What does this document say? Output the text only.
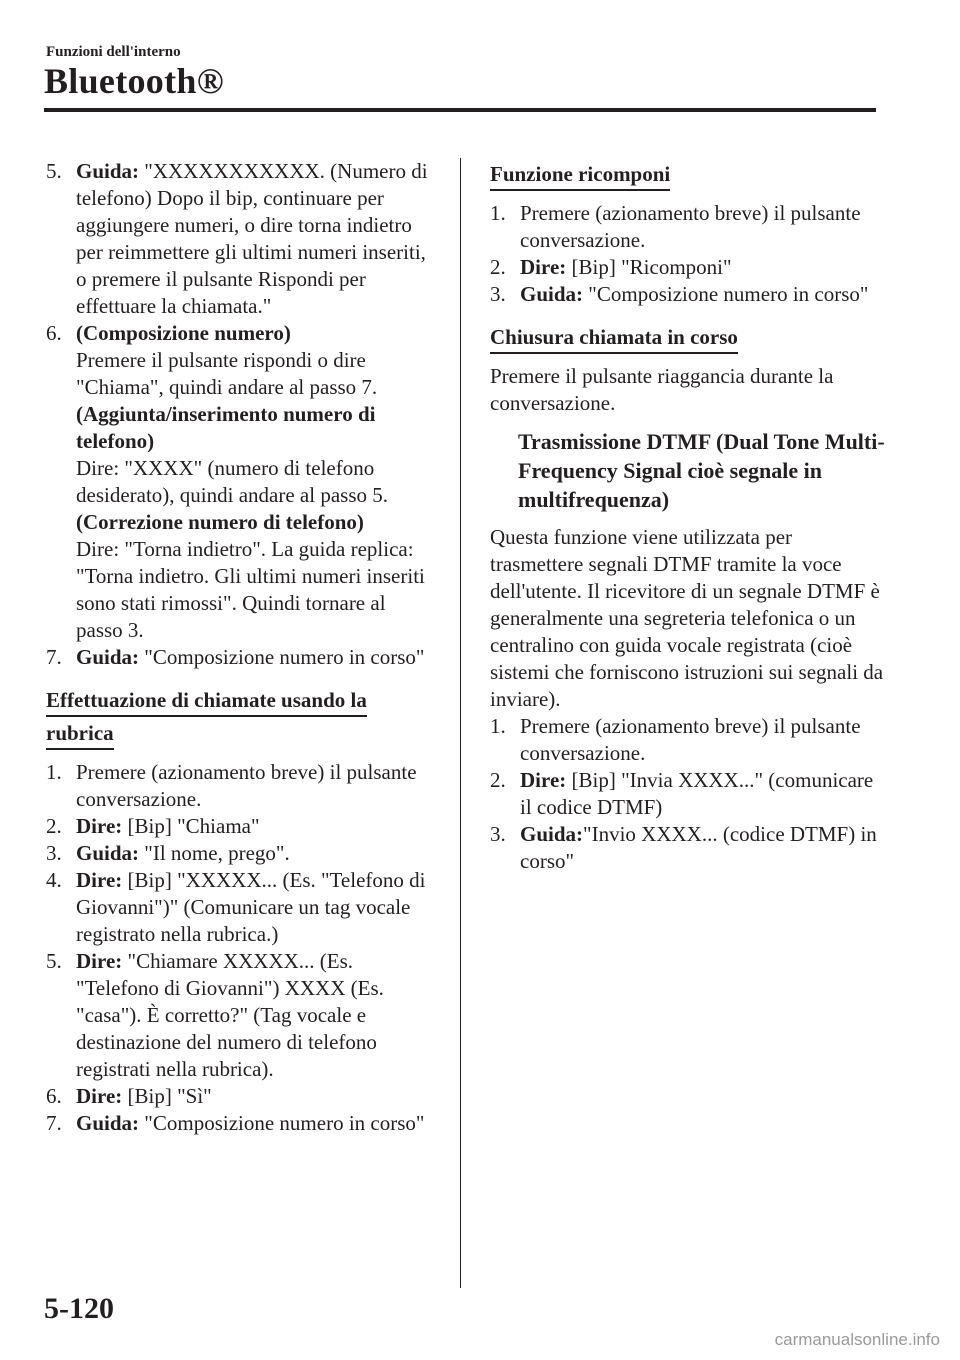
Funzioni dell'interno
Bluetooth®
5. Guida: "XXXXXXXXXXX. (Numero di telefono) Dopo il bip, continuare per aggiungere numeri, o dire torna indietro per reimmettere gli ultimi numeri inseriti, o premere il pulsante Rispondi per effettuare la chiamata."
6. (Composizione numero)
Premere il pulsante rispondi o dire "Chiama", quindi andare al passo 7.
(Aggiunta/inserimento numero di telefono)
Dire: "XXXX" (numero di telefono desiderato), quindi andare al passo 5.
(Correzione numero di telefono)
Dire: "Torna indietro". La guida replica: "Torna indietro. Gli ultimi numeri inseriti sono stati rimossi". Quindi tornare al passo 3.
7. Guida: "Composizione numero in corso"
Effettuazione di chiamate usando la
rubrica
1. Premere (azionamento breve) il pulsante conversazione.
2. Dire: [Bip] "Chiama"
3. Guida: "Il nome, prego".
4. Dire: [Bip] "XXXXX... (Es. "Telefono di Giovanni")" (Comunicare un tag vocale registrato nella rubrica.)
5. Dire: "Chiamare XXXXX... (Es. "Telefono di Giovanni") XXXX (Es. "casa"). È corretto?" (Tag vocale e destinazione del numero di telefono registrati nella rubrica).
6. Dire: [Bip] "Sì"
7. Guida: "Composizione numero in corso"
Funzione ricomponi
1. Premere (azionamento breve) il pulsante conversazione.
2. Dire: [Bip] "Ricomponi"
3. Guida: "Composizione numero in corso"
Chiusura chiamata in corso
Premere il pulsante riaggancia durante la conversazione.
Trasmissione DTMF (Dual Tone Multi-Frequency Signal cioè segnale in multifrequenza)
Questa funzione viene utilizzata per trasmettere segnali DTMF tramite la voce dell'utente. Il ricevitore di un segnale DTMF è generalmente una segreteria telefonica o un centralino con guida vocale registrata (cioè sistemi che forniscono istruzioni sui segnali da inviare).
1. Premere (azionamento breve) il pulsante conversazione.
2. Dire: [Bip] "Invia XXXX..." (comunicare il codice DTMF)
3. Guida:"Invio XXXX... (codice DTMF) in corso"
5-120
carmanualsonline.info
